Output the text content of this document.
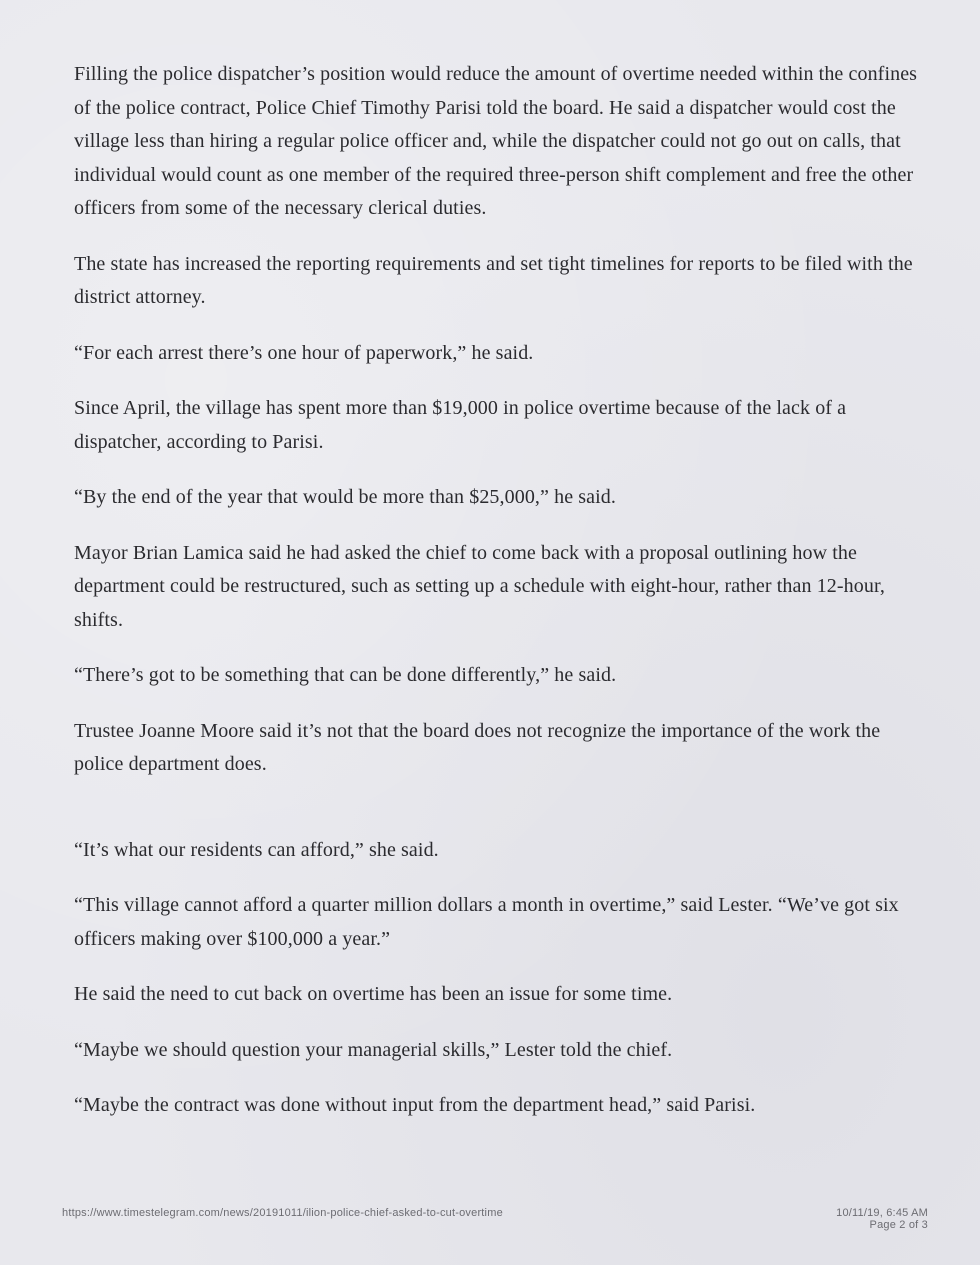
Filling the police dispatcher’s position would reduce the amount of overtime needed within the confines of the police contract, Police Chief Timothy Parisi told the board. He said a dispatcher would cost the village less than hiring a regular police officer and, while the dispatcher could not go out on calls, that individual would count as one member of the required three-person shift complement and free the other officers from some of the necessary clerical duties.

The state has increased the reporting requirements and set tight timelines for reports to be filed with the district attorney.

“For each arrest there’s one hour of paperwork,” he said.

Since April, the village has spent more than $19,000 in police overtime because of the lack of a dispatcher, according to Parisi.

“By the end of the year that would be more than $25,000,” he said.

Mayor Brian Lamica said he had asked the chief to come back with a proposal outlining how the department could be restructured, such as setting up a schedule with eight-hour, rather than 12-hour, shifts.

“There’s got to be something that can be done differently,” he said.

Trustee Joanne Moore said it’s not that the board does not recognize the importance of the work the police department does.

“It’s what our residents can afford,” she said.

“This village cannot afford a quarter million dollars a month in overtime,” said Lester. “We’ve got six officers making over $100,000 a year.”

He said the need to cut back on overtime has been an issue for some time.

“Maybe we should question your managerial skills,” Lester told the chief.

“Maybe the contract was done without input from the department head,” said Parisi.

https://www.timestelegram.com/news/20191011/ilion-police-chief-asked-to-cut-overtime	10/11/19, 6:45 AM
Page 2 of 3
